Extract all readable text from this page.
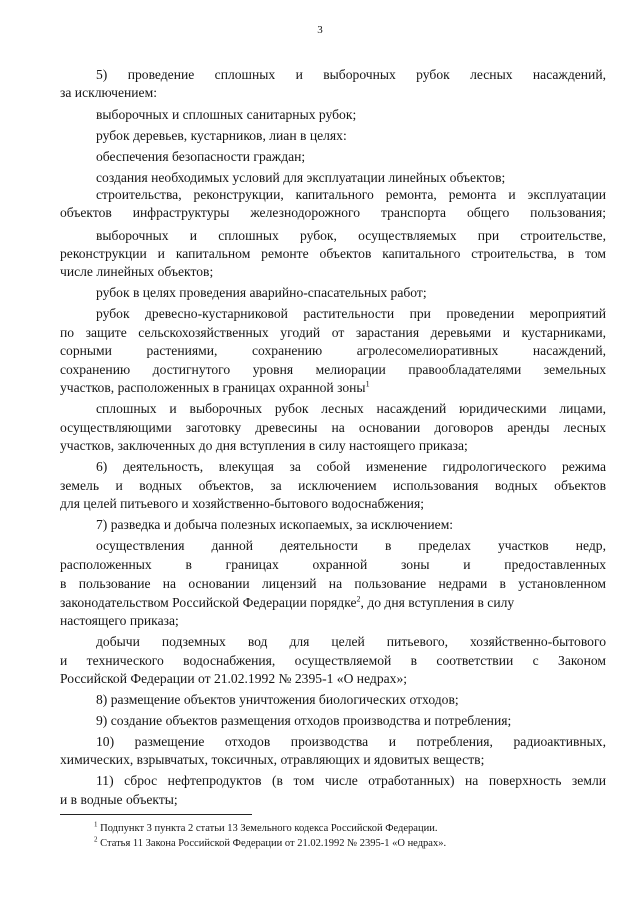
3
5) проведение сплошных и выборочных рубок лесных насаждений,
за исключением:
выборочных и сплошных санитарных рубок;
рубок деревьев, кустарников, лиан в целях:
обеспечения безопасности граждан;
создания необходимых условий для эксплуатации линейных объектов;
строительства, реконструкции, капитального ремонта, ремонта и эксплуатации
объектов инфраструктуры железнодорожного транспорта общего пользования;
выборочных и сплошных рубок, осуществляемых при строительстве,
реконструкции и капитальном ремонте объектов капитального строительства, в том
числе линейных объектов;
рубок в целях проведения аварийно-спасательных работ;
рубок древесно-кустарниковой растительности при проведении мероприятий
по защите сельскохозяйственных угодий от зарастания деревьями и кустарниками,
сорными растениями, сохранению агролесомелиоративных насаждений,
сохранению достигнутого уровня мелиорации правообладателями земельных
участков, расположенных в границах охранной зоны$^1$
сплошных и выборочных рубок лесных насаждений юридическими лицами,
осуществляющими заготовку древесины на основании договоров аренды лесных
участков, заключенных до дня вступления в силу настоящего приказа;
6) деятельность, влекущая за собой изменение гидрологического режима
земель и водных объектов, за исключением использования водных объектов
для целей питьевого и хозяйственно-бытового водоснабжения;
7) разведка и добыча полезных ископаемых, за исключением:
осуществления данной деятельности в пределах участков недр,
расположенных в границах охранной зоны и предоставленных
в пользование на основании лицензий на пользование недрами в установленном
законодательством Российской Федерации порядке$^2$, до дня вступления в силу
настоящего приказа;
добычи подземных вод для целей питьевого, хозяйственно-бытового
и технического водоснабжения, осуществляемой в соответствии с Законом
Российской Федерации от 21.02.1992 № 2395-1 «О недрах»;
8) размещение объектов уничтожения биологических отходов;
9) создание объектов размещения отходов производства и потребления;
10) размещение отходов производства и потребления, радиоактивных,
химических, взрывчатых, токсичных, отравляющих и ядовитых веществ;
11) сброс нефтепродуктов (в том числе отработанных) на поверхность земли
и в водные объекты;
$^1$ Подпункт 3 пункта 2 статьи 13 Земельного кодекса Российской Федерации.
$^2$ Статья 11 Закона Российской Федерации от 21.02.1992 № 2395-1 «О недрах».
